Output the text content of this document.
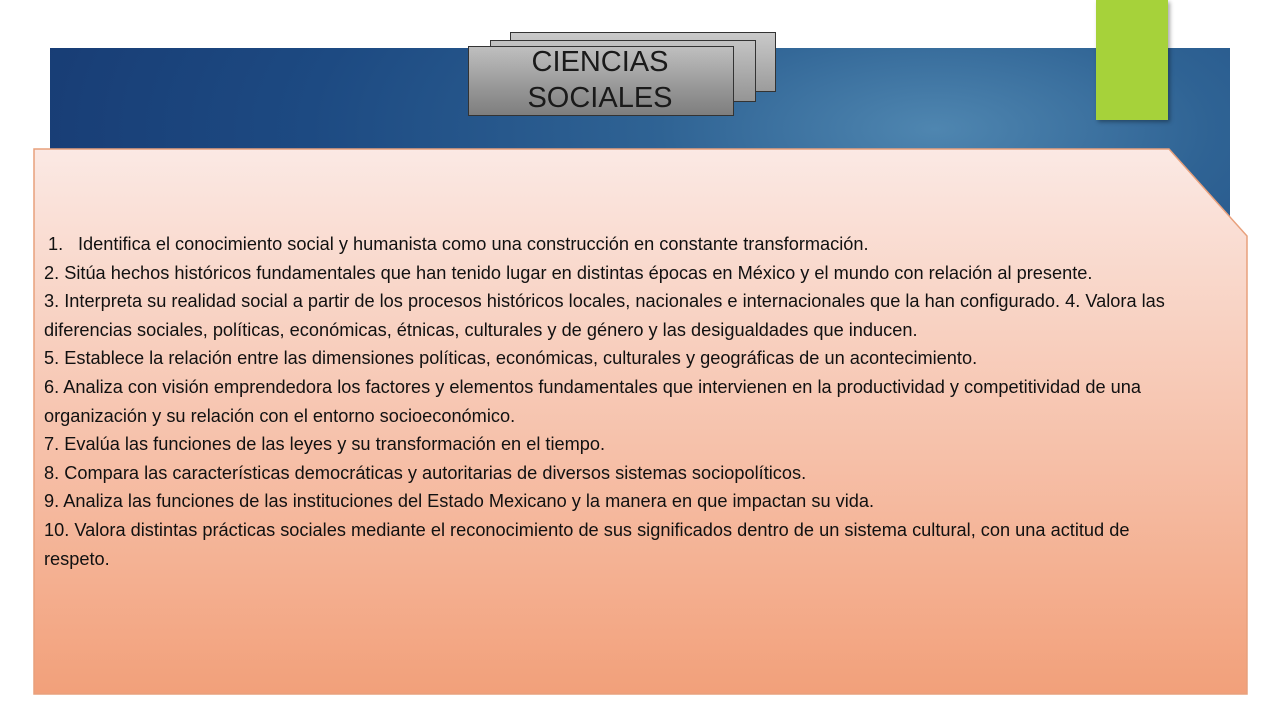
CIENCIAS
SOCIALES

1. Identifica el conocimiento social y humanista como una construcción en constante transformación.

2. Sitúa hechos históricos fundamentales que han tenido lugar en distintas épocas en México y el mundo con relación al presente.

3. Interpreta su realidad social a partir de los procesos históricos locales, nacionales e internacionales que la han configurado. 4. Valora las diferencias sociales, políticas, económicas, étnicas, culturales y de género y las desigualdades que inducen.

5. Establece la relación entre las dimensiones políticas, económicas, culturales y geográficas de un acontecimiento.

6. Analiza con visión emprendedora los factores y elementos fundamentales que intervienen en la productividad y competitividad de una organización y su relación con el entorno socioeconómico.

7. Evalúa las funciones de las leyes y su transformación en el tiempo.

8. Compara las características democráticas y autoritarias de diversos sistemas sociopolíticos.

9. Analiza las funciones de las instituciones del Estado Mexicano y la manera en que impactan su vida.

10. Valora distintas prácticas sociales mediante el reconocimiento de sus significados dentro de un sistema cultural, con una actitud de respeto.
